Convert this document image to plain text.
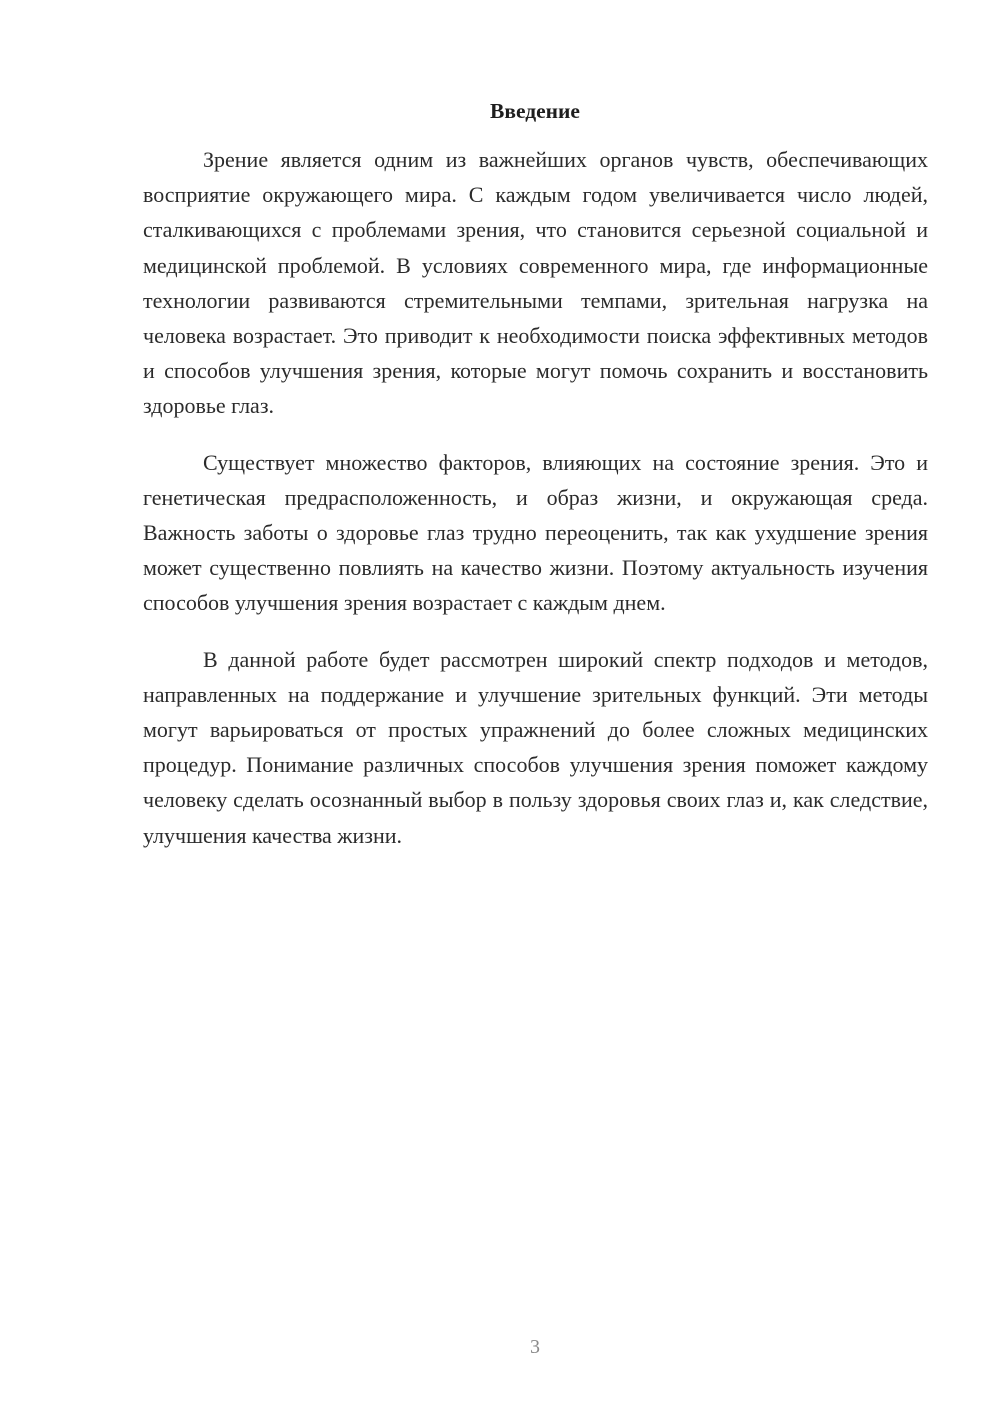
Введение

Зрение является одним из важнейших органов чувств, обеспечивающих восприятие окружающего мира. С каждым годом увеличивается число людей, сталкивающихся с проблемами зрения, что становится серьезной социальной и медицинской проблемой. В условиях современного мира, где информационные технологии развиваются стремительными темпами, зрительная нагрузка на человека возрастает. Это приводит к необходимости поиска эффективных методов и способов улучшения зрения, которые могут помочь сохранить и восстановить здоровье глаз.

Существует множество факторов, влияющих на состояние зрения. Это и генетическая предрасположенность, и образ жизни, и окружающая среда. Важность заботы о здоровье глаз трудно переоценить, так как ухудшение зрения может существенно повлиять на качество жизни. Поэтому актуальность изучения способов улучшения зрения возрастает с каждым днем.

В данной работе будет рассмотрен широкий спектр подходов и методов, направленных на поддержание и улучшение зрительных функций. Эти методы могут варьироваться от простых упражнений до более сложных медицинских процедур. Понимание различных способов улучшения зрения поможет каждому человеку сделать осознанный выбор в пользу здоровья своих глаз и, как следствие, улучшения качества жизни.

3
